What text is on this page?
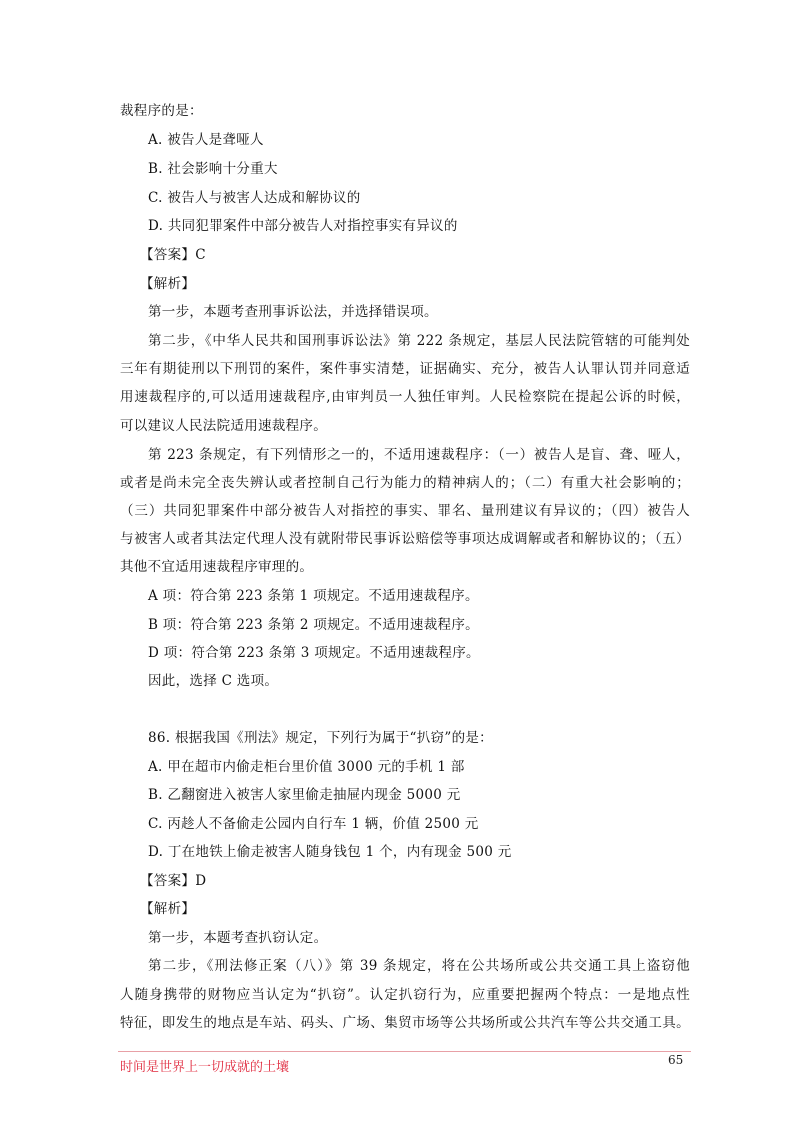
裁程序的是：
A. 被告人是聋哑人
B. 社会影响十分重大
C. 被告人与被害人达成和解协议的
D. 共同犯罪案件中部分被告人对指控事实有异议的
【答案】C
【解析】
第一步，本题考查刑事诉讼法，并选择错误项。
第二步，《中华人民共和国刑事诉讼法》第 222 条规定，基层人民法院管辖的可能判处
三年有期徒刑以下刑罚的案件，案件事实清楚，证据确实、充分，被告人认罪认罚并同意适
用速裁程序的,可以适用速裁程序,由审判员一人独任审判。人民检察院在提起公诉的时候，
可以建议人民法院适用速裁程序。
第 223 条规定，有下列情形之一的，不适用速裁程序：（一）被告人是盲、聋、哑人，
或者是尚未完全丧失辨认或者控制自己行为能力的精神病人的；（二）有重大社会影响的；
（三）共同犯罪案件中部分被告人对指控的事实、罪名、量刑建议有异议的；（四）被告人
与被害人或者其法定代理人没有就附带民事诉讼赔偿等事项达成调解或者和解协议的；（五）
其他不宜适用速裁程序审理的。
A 项：符合第 223 条第 1 项规定。不适用速裁程序。
B 项：符合第 223 条第 2 项规定。不适用速裁程序。
D 项：符合第 223 条第 3 项规定。不适用速裁程序。
因此，选择 C 选项。
86. 根据我国《刑法》规定，下列行为属于“扒窃”的是：
A. 甲在超市内偷走柜台里价值 3000 元的手机 1 部
B. 乙翻窗进入被害人家里偷走抽屉内现金 5000 元
C. 丙趁人不备偷走公园内自行车 1 辆，价值 2500 元
D. 丁在地铁上偷走被害人随身钱包 1 个，内有现金 500 元
【答案】D
【解析】
第一步，本题考查扒窃认定。
第二步，《刑法修正案（八）》第 39 条规定，将在公共场所或公共交通工具上盗窃他
人随身携带的财物应当认定为“扒窃”。认定扒窃行为，应重要把握两个特点：一是地点性
特征，即发生的地点是车站、码头、广场、集贸市场等公共场所或公共汽车等公共交通工具。
时间是世界上一切成就的土壤	65
